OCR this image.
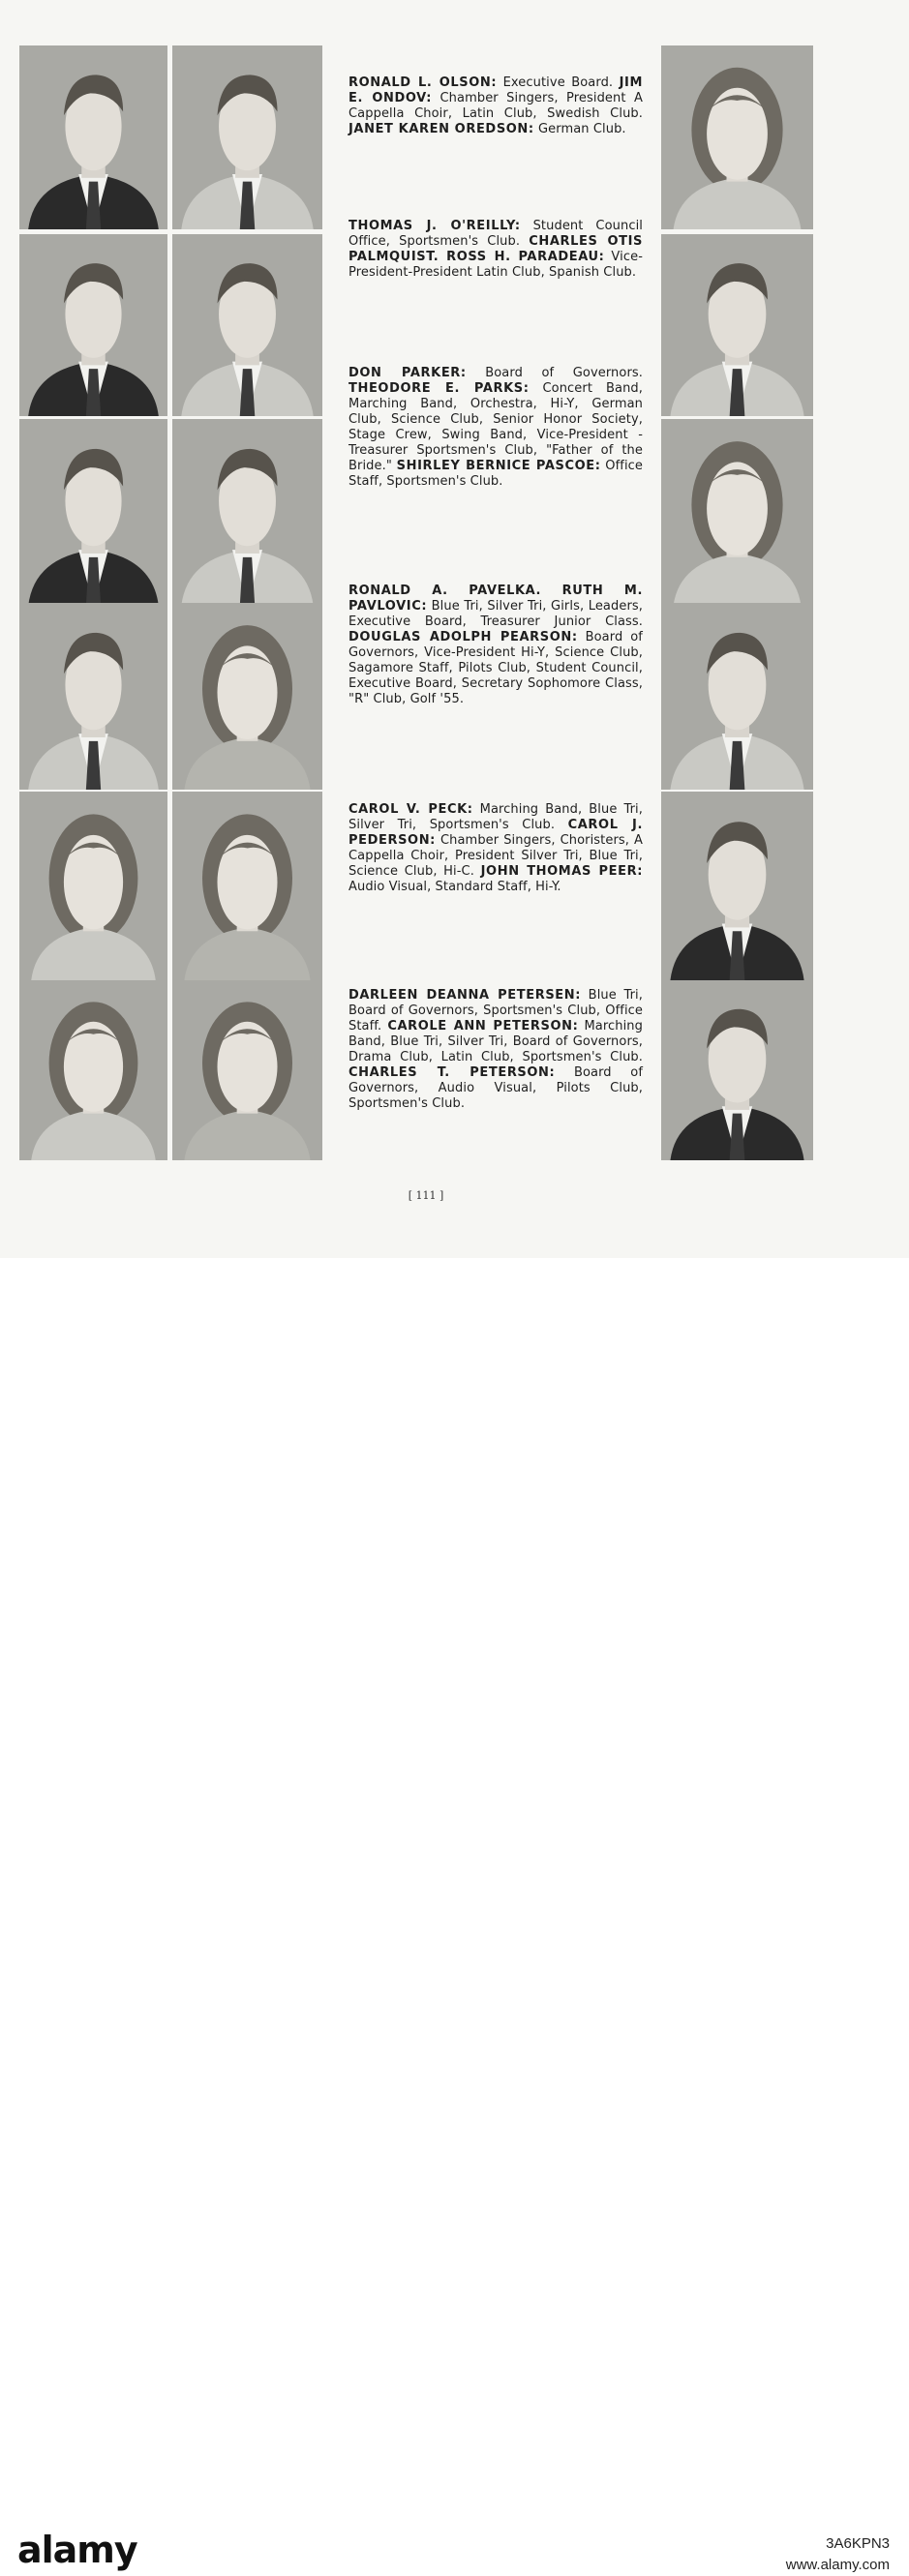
RONALD L. OLSON: Executive Board. JIM E. ONDOV: Chamber Singers, President A Cappella Choir, Latin Club, Swedish Club. JANET KAREN OREDSON: German Club.
THOMAS J. O'REILLY: Student Council Office, Sportsmen's Club. CHARLES OTIS PALMQUIST. ROSS H. PARADEAU: Vice-President-President Latin Club, Spanish Club.
DON PARKER: Board of Governors. THEODORE E. PARKS: Concert Band, Marching Band, Orchestra, Hi-Y, German Club, Science Club, Senior Honor Society, Stage Crew, Swing Band, Vice-President - Treasurer Sportsmen's Club, "Father of the Bride." SHIRLEY BERNICE PASCOE: Office Staff, Sportsmen's Club.
RONALD A. PAVELKA. RUTH M. PAVLOVIC: Blue Tri, Silver Tri, Girls, Leaders, Executive Board, Treasurer Junior Class. DOUGLAS ADOLPH PEARSON: Board of Governors, Vice-President Hi-Y, Science Club, Sagamore Staff, Pilots Club, Student Council, Executive Board, Secretary Sophomore Class, "R" Club, Golf '55.
CAROL V. PECK: Marching Band, Blue Tri, Silver Tri, Sportsmen's Club. CAROL J. PEDERSON: Chamber Singers, Choristers, A Cappella Choir, President Silver Tri, Blue Tri, Science Club, Hi-C. JOHN THOMAS PEER: Audio Visual, Standard Staff, Hi-Y.
DARLEEN DEANNA PETERSEN: Blue Tri, Board of Governors, Sportsmen's Club, Office Staff. CAROLE ANN PETERSON: Marching Band, Blue Tri, Silver Tri, Board of Governors, Drama Club, Latin Club, Sportsmen's Club. CHARLES T. PETERSON: Board of Governors, Audio Visual, Pilots Club, Sportsmen's Club.
[ 111 ]
alamy	3A6KPN3
www.alamy.com
